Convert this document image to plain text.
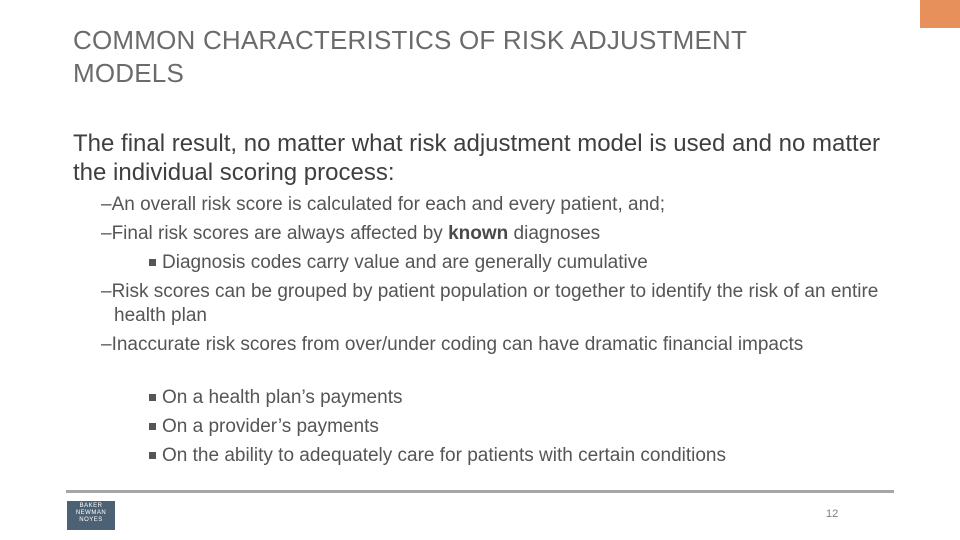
COMMON CHARACTERISTICS OF RISK ADJUSTMENT
MODELS
The final result, no matter what risk adjustment model is used and no matter the individual scoring process:
–An overall risk score is calculated for each and every patient, and;
–Final risk scores are always affected by known diagnoses
Diagnosis codes carry value and are generally cumulative
–Risk scores can be grouped by patient population or together to identify the risk of an entire health plan
–Inaccurate risk scores from over/under coding can have dramatic financial impacts
On a health plan’s payments
On a provider’s payments
On the ability to adequately care for patients with certain conditions
BAKER
NEWMAN
NOYES	12
